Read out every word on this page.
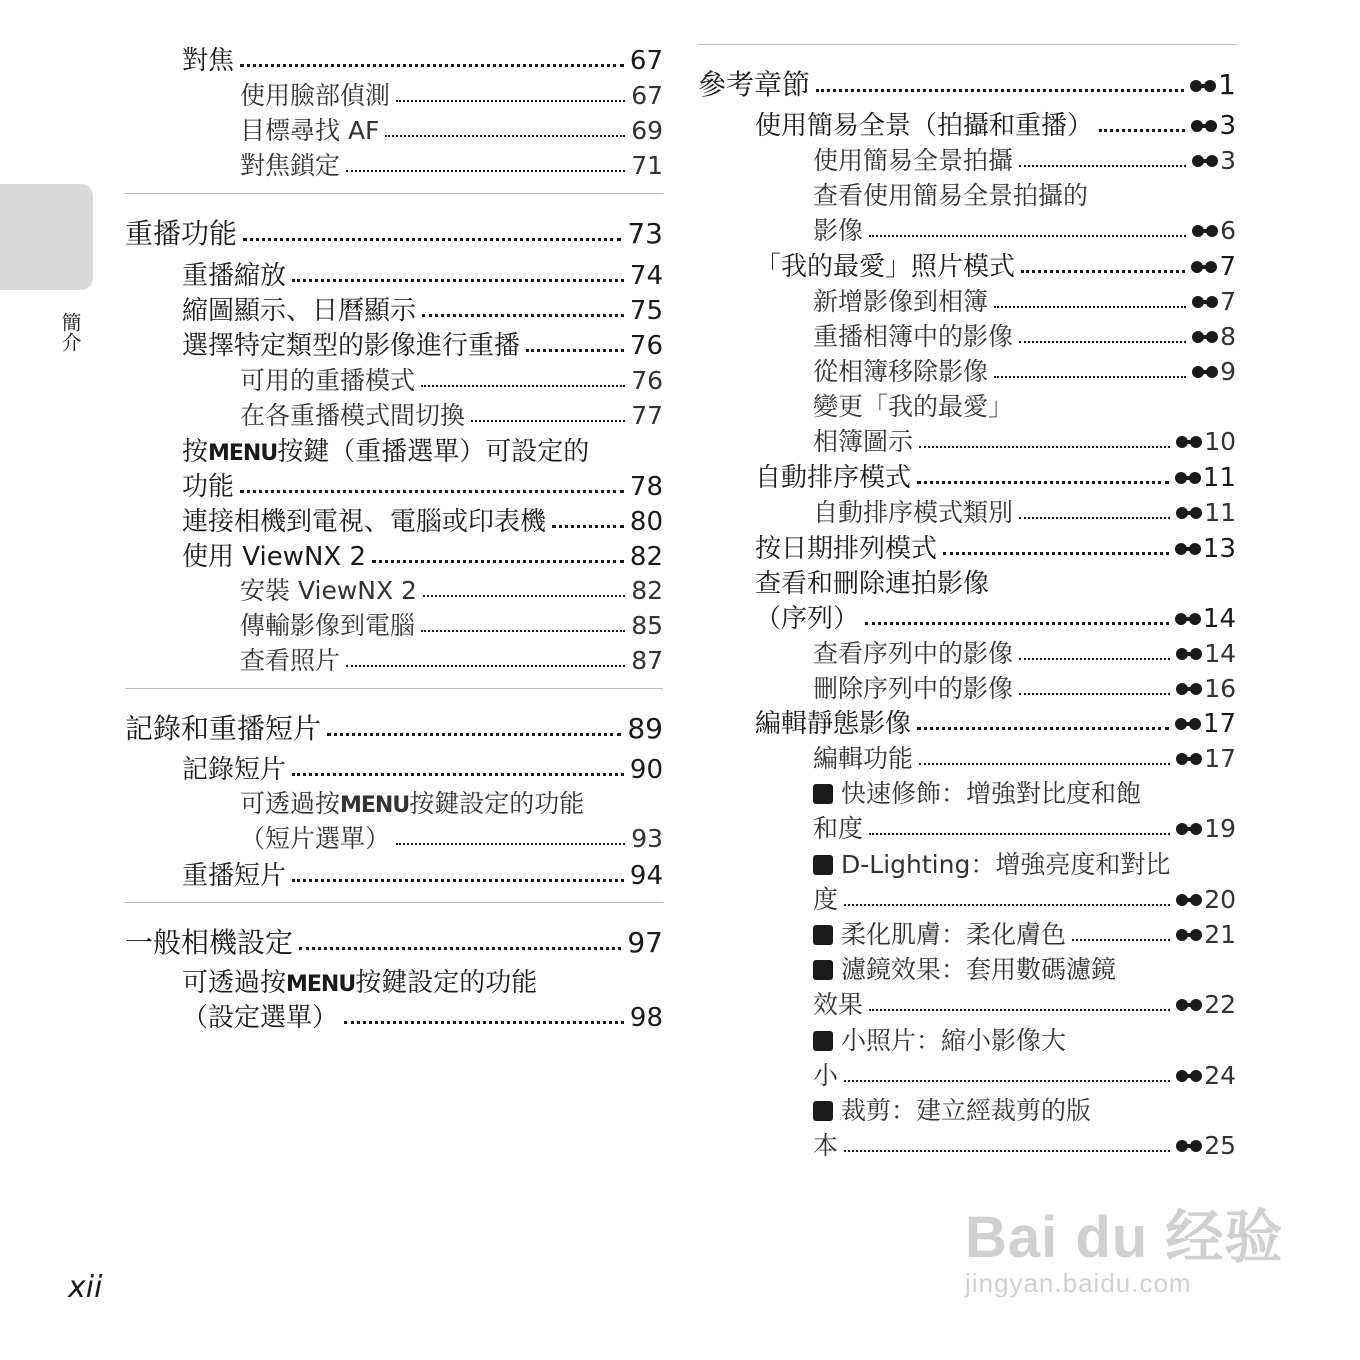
簡介
對焦	67
使用臉部偵測	67
目標尋找 AF	69
對焦鎖定	71
重播功能	73
重播縮放	74
縮圖顯示、日曆顯示	75
選擇特定類型的影像進行重播	76
可用的重播模式	76
在各重播模式間切換	77
按MENU按鍵（重播選單）可設定的
功能	78
連接相機到電視、電腦或印表機	80
使用 ViewNX 2	82
安裝 ViewNX 2	82
傳輸影像到電腦	85
查看照片	87
記錄和重播短片	89
記錄短片	90
可透過按MENU按鍵設定的功能
（短片選單）	93
重播短片	94
一般相機設定	97
可透過按MENU按鍵設定的功能
（設定選單）	98
參考章節	1
使用簡易全景（拍攝和重播）	3
使用簡易全景拍攝	3
查看使用簡易全景拍攝的
影像	6
「我的最愛」照片模式	7
新增影像到相簿	7
重播相簿中的影像	8
從相簿移除影像	9
變更「我的最愛」
相簿圖示	10
自動排序模式	11
自動排序模式類別	11
按日期排列模式	13
查看和刪除連拍影像
（序列）	14
查看序列中的影像	14
刪除序列中的影像	16
編輯靜態影像	17
編輯功能	17
快速修飾：增強對比度和飽
和度	19
D-Lighting：增強亮度和對比
度	20
柔化肌膚：柔化膚色	21
濾鏡效果：套用數碼濾鏡
效果	22
小照片：縮小影像大
小	24
裁剪：建立經裁剪的版
本	25
xii
Bai du 经验
jingyan.baidu.com
